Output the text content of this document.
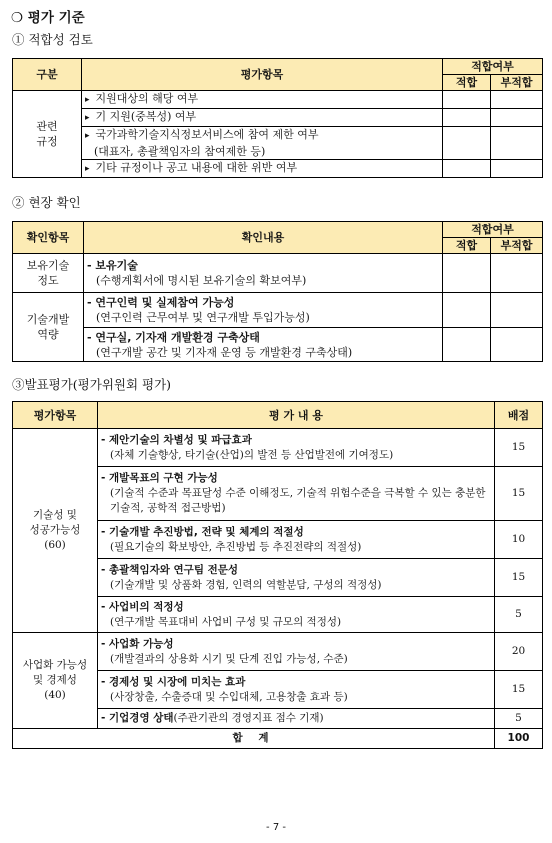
❍ 평가 기준
① 적합성 검토
구분	평가항목	적합여부	
		적합	부적합
관련
규정	▸ 지원대상의 해당 여부		
	▸ 기 지원(중복성) 여부		
	▸ 국가과학기술지식정보서비스에 참여 제한 여부
(대표자, 총괄책임자의 참여제한 등)

	▸ 기타 규정이나 공고 내용에 대한 위반 여부		
② 현장 확인
확인항목	확인내용	적합여부	
		적합	부적합
보유기술
정도	- 보유기술
(수행계획서에 명시된 보유기술의 확보여부)		

기술개발
역량	- 연구인력 및 실제참여 가능성
(연구인력 근무여부 및 연구개발 투입가능성)		

	- 연구실, 기자재 개발환경 구축상태
(연구개발 공간 및 기자재 운영 등 개발환경 구축상태)		

③발표평가(평가위원회 평가)
평가항목	평 가 내 용	배점
기술성 및
성공가능성
(60)	- 제안기술의 차별성 및 파급효과
(자체 기술향상, 타기술(산업)의 발전 등 산업발전에 기여정도)	15

	- 개발목표의 구현 가능성
(기술적 수준과 목표달성 수준 이해정도, 기술적 위험수준을 극복할 수 있는 충분한 기술적, 공학적 접근방법)	15

	- 기술개발 추진방법, 전략 및 체계의 적절성
(필요기술의 확보방안, 추진방법 등 추진전략의 적절성)	10

	- 총괄책임자와 연구팀 전문성
(기술개발 및 상품화 경험, 인력의 역할분담, 구성의 적정성)	15

	- 사업비의 적정성
(연구개발 목표대비 사업비 구성 및 규모의 적정성)	5
사업화 가능성
및 경제성
(40)	- 사업화 가능성
(개발결과의 상용화 시기 및 단계 진입 가능성, 수준)	20

	- 경제성 및 시장에 미치는 효과
(사장창출, 수출증대 및 수입대체, 고용창출 효과 등)	15
	- 기업경영 상태(주관기관의 경영지표 점수 기재)	5
합 계		100
- 7 -
